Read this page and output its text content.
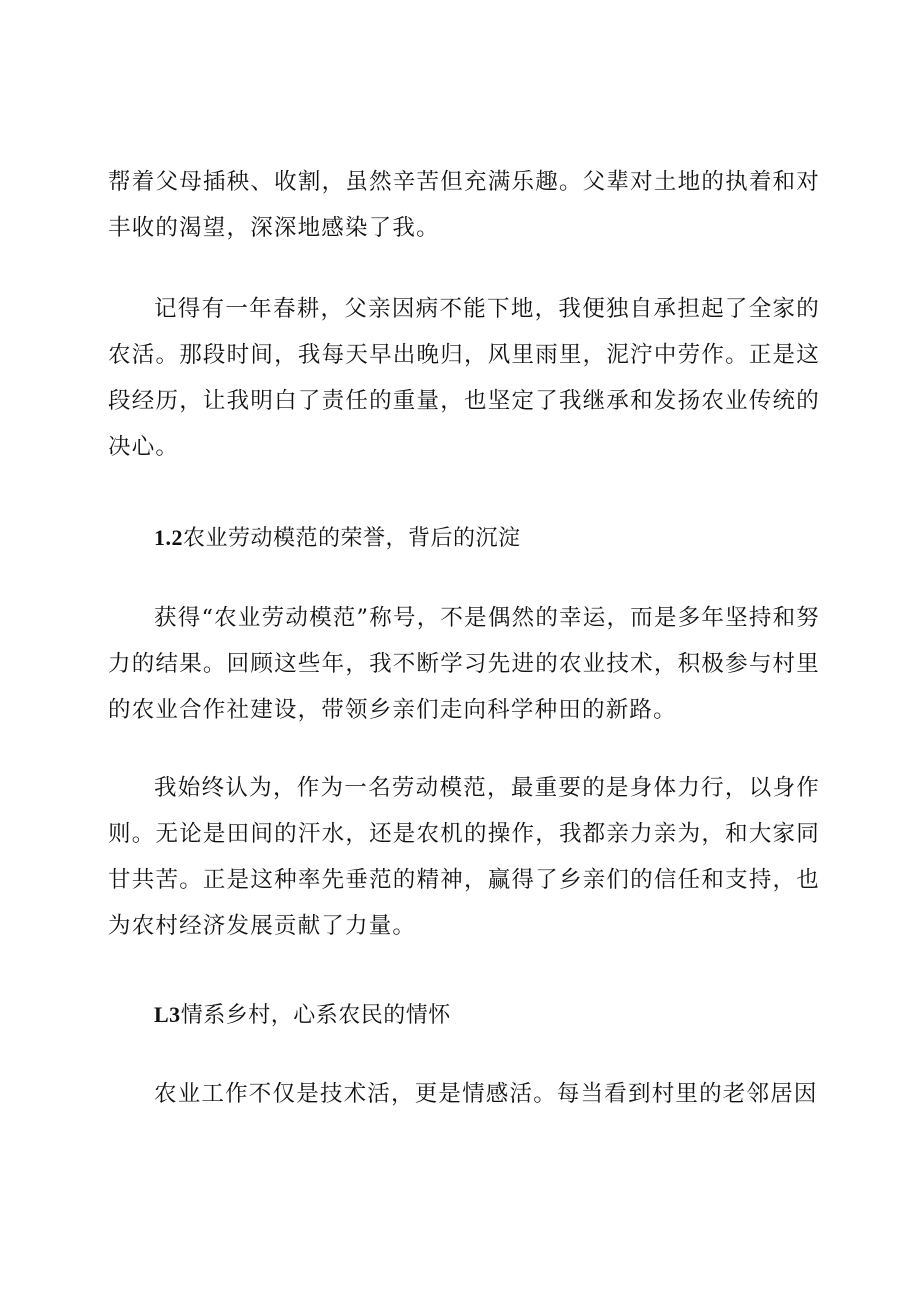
帮着父母插秧、收割，虽然辛苦但充满乐趣。父辈对土地的执着和对丰收的渴望，深深地感染了我。

记得有一年春耕，父亲因病不能下地，我便独自承担起了全家的农活。那段时间，我每天早出晚归，风里雨里，泥泞中劳作。正是这段经历，让我明白了责任的重量，也坚定了我继承和发扬农业传统的决心。

1.2农业劳动模范的荣誉，背后的沉淀

获得“农业劳动模范”称号，不是偶然的幸运，而是多年坚持和努力的结果。回顾这些年，我不断学习先进的农业技术，积极参与村里的农业合作社建设，带领乡亲们走向科学种田的新路。

我始终认为，作为一名劳动模范，最重要的是身体力行，以身作则。无论是田间的汗水，还是农机的操作，我都亲力亲为，和大家同甘共苦。正是这种率先垂范的精神，赢得了乡亲们的信任和支持，也为农村经济发展贡献了力量。

L3情系乡村，心系农民的情怀

农业工作不仅是技术活，更是情感活。每当看到村里的老邻居因
